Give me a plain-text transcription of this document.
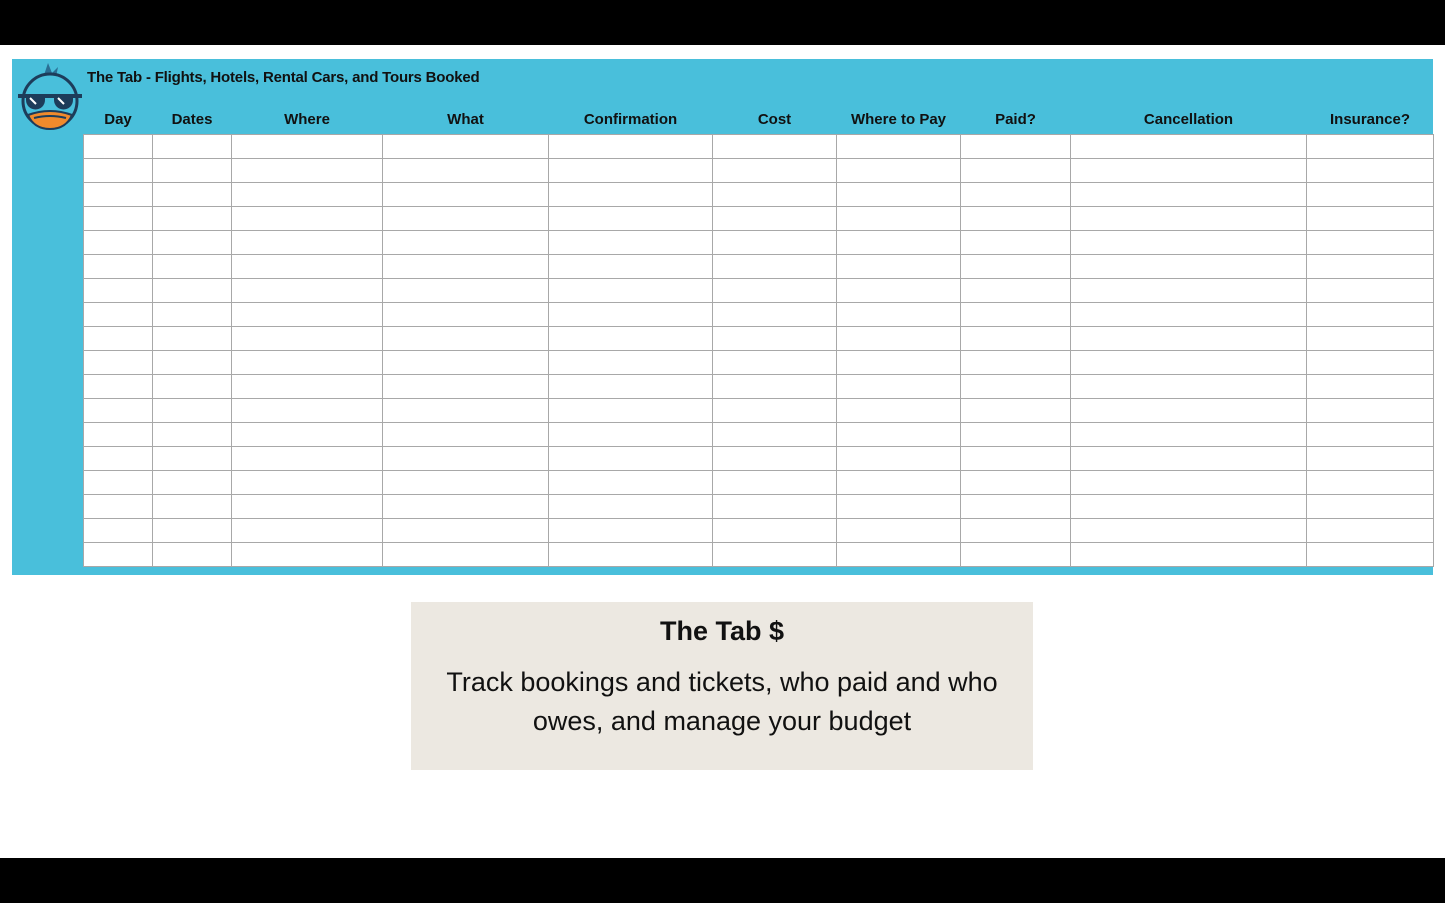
The Tab - Flights, Hotels, Rental Cars, and Tours Booked
Day	Dates	Where	What	Confirmation	Cost	Where to Pay	Paid?	Cancellation	Insurance?

The Tab $
Track bookings and tickets, who paid and who owes, and manage your budget
